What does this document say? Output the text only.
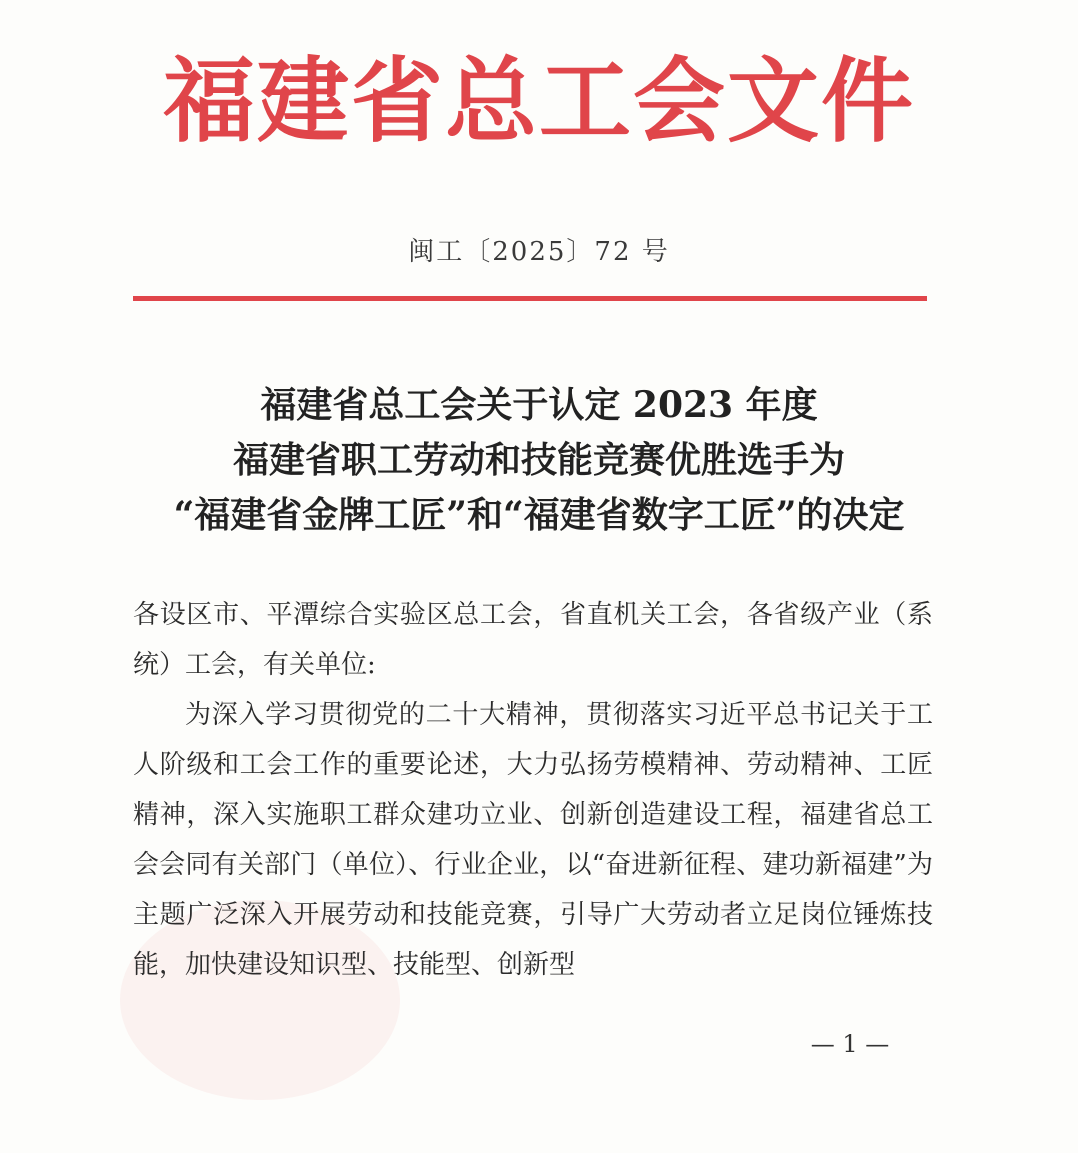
福建省总工会文件
闽工〔2025〕72 号
福建省总工会关于认定 2023 年度
福建省职工劳动和技能竞赛优胜选手为
“福建省金牌工匠”和“福建省数字工匠”的决定

各设区市、平潭综合实验区总工会，省直机关工会，各省级产业（系统）工会，有关单位:

为深入学习贯彻党的二十大精神，贯彻落实习近平总书记关于工人阶级和工会工作的重要论述，大力弘扬劳模精神、劳动精神、工匠精神，深入实施职工群众建功立业、创新创造建设工程，福建省总工会会同有关部门（单位）、行业企业，以“奋进新征程、建功新福建”为主题广泛深入开展劳动和技能竞赛，引导广大劳动者立足岗位锤炼技能，加快建设知识型、技能型、创新型

— 1 —
